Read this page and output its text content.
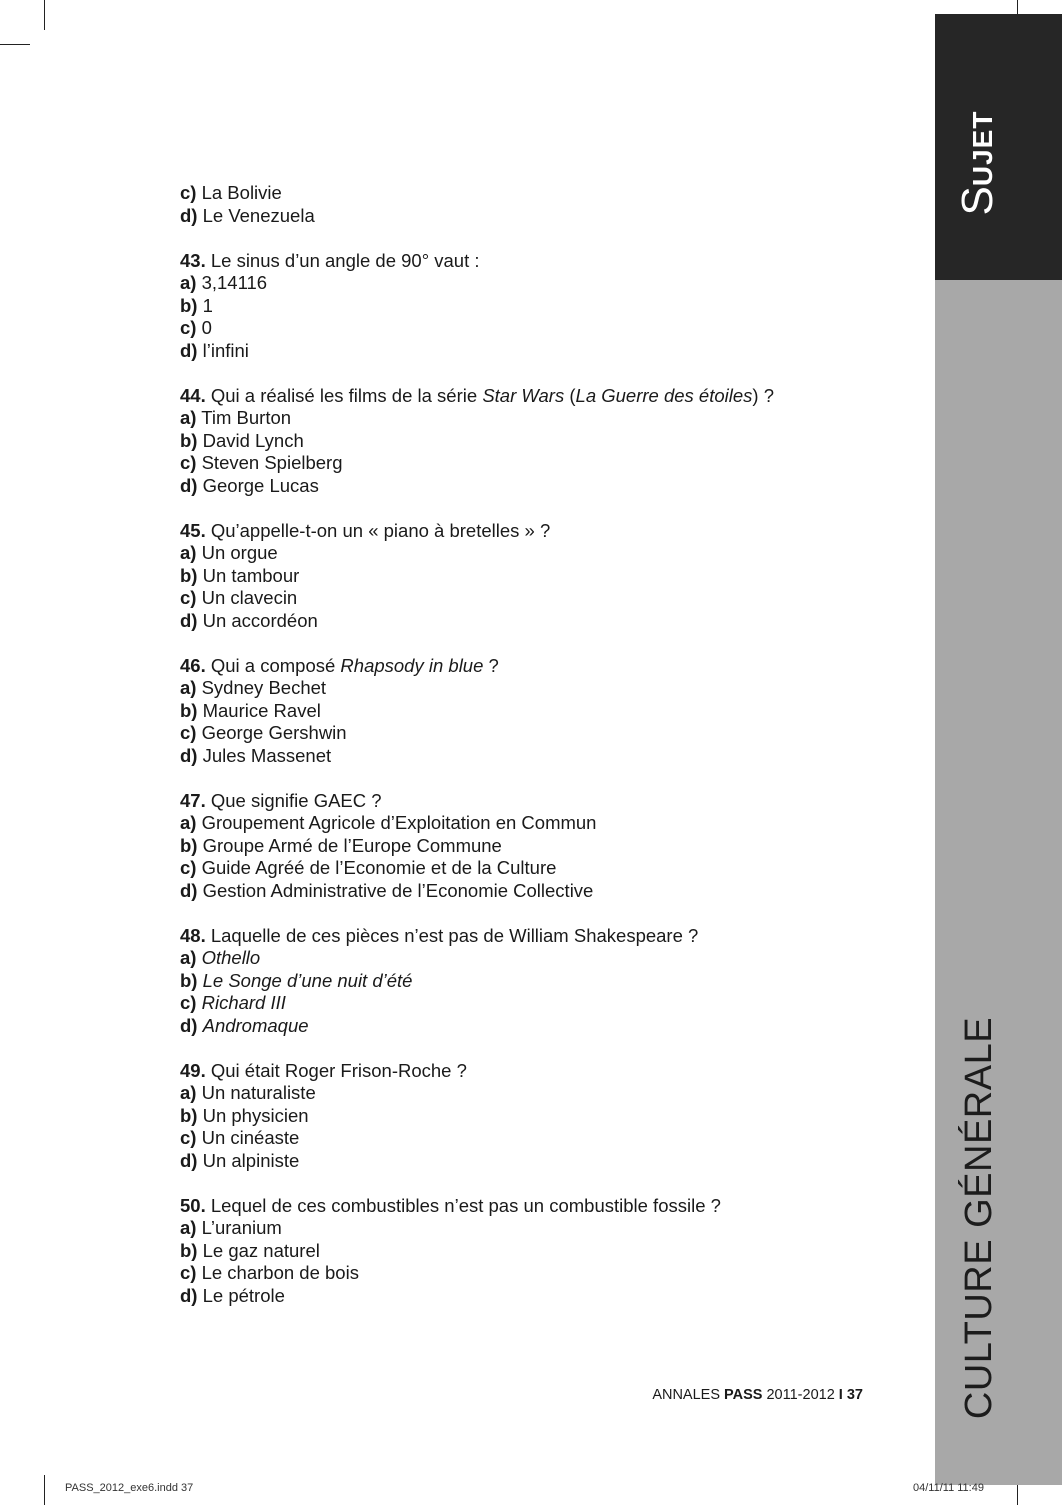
SUJET
CULTURE GÉNÉRALE
c) La Bolivie
d) Le Venezuela
43. Le sinus d’un angle de 90° vaut :
a) 3,14116
b) 1
c) 0
d) l’infini
44. Qui a réalisé les films de la série Star Wars (La Guerre des étoiles) ?
a) Tim Burton
b) David Lynch
c) Steven Spielberg
d) George Lucas
45. Qu’appelle-t-on un « piano à bretelles » ?
a) Un orgue
b) Un tambour
c) Un clavecin
d) Un accordéon
46. Qui a composé Rhapsody in blue ?
a) Sydney Bechet
b) Maurice Ravel
c) George Gershwin
d) Jules Massenet
47. Que signifie GAEC ?
a) Groupement Agricole d’Exploitation en Commun
b) Groupe Armé de l’Europe Commune
c) Guide Agréé de l’Economie et de la Culture
d) Gestion Administrative de l’Economie Collective
48. Laquelle de ces pièces n’est pas de William Shakespeare ?
a) Othello
b) Le Songe d’une nuit d’été
c) Richard III
d) Andromaque
49. Qui était Roger Frison-Roche ?
a) Un naturaliste
b) Un physicien
c) Un cinéaste
d) Un alpiniste
50. Lequel de ces combustibles n’est pas un combustible fossile ?
a) L’uranium
b) Le gaz naturel
c) Le charbon de bois
d) Le pétrole
ANNALES PASS 2011-2012 I 37
PASS_2012_exe6.indd 37	04/11/11 11:49
